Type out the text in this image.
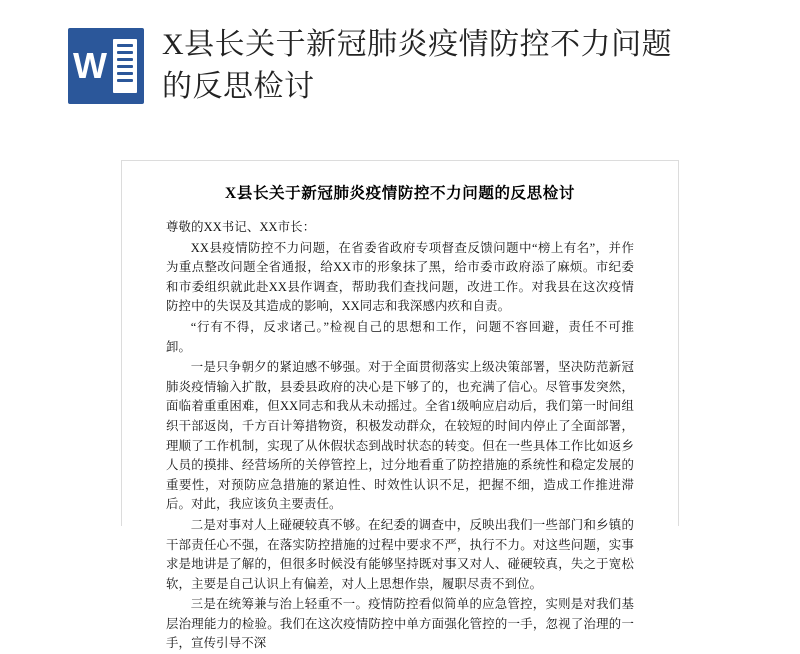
W
X县长关于新冠肺炎疫情防控不力问题的反思检讨
X县长关于新冠肺炎疫情防控不力问题的反思检讨

尊敬的XX书记、XX市长：

XX县疫情防控不力问题，在省委省政府专项督查反馈问题中“榜上有名”，并作为重点整改问题全省通报，给XX市的形象抹了黑，给市委市政府添了麻烦。市纪委和市委组织就此赴XX县作调查，帮助我们查找问题，改进工作。对我县在这次疫情防控中的失误及其造成的影响，XX同志和我深感内疚和自责。

“行有不得，反求诸己。”检视自己的思想和工作，问题不容回避，责任不可推卸。

一是只争朝夕的紧迫感不够强。对于全面贯彻落实上级决策部署，坚决防范新冠肺炎疫情输入扩散，县委县政府的决心是下够了的，也充满了信心。尽管事发突然，面临着重重困难，但XX同志和我从未动摇过。全省1级响应启动后，我们第一时间组织干部返岗，千方百计筹措物资，积极发动群众，在较短的时间内停止了全面部署，理顺了工作机制，实现了从休假状态到战时状态的转变。但在一些具体工作比如返乡人员的摸排、经营场所的关停管控上，过分地看重了防控措施的系统性和稳定发展的重要性，对预防应急措施的紧迫性、时效性认识不足，把握不细，造成工作推进滞后。对此，我应该负主要责任。

二是对事对人上碰硬较真不够。在纪委的调查中，反映出我们一些部门和乡镇的干部责任心不强，在落实防控措施的过程中要求不严，执行不力。对这些问题，实事求是地讲是了解的，但很多时候没有能够坚持既对事又对人、碰硬较真，失之于宽松软，主要是自己认识上有偏差，对人上思想作祟，履职尽责不到位。

三是在统筹兼与治上轻重不一。疫情防控看似简单的应急管控，实则是对我们基层治理能力的检验。我们在这次疫情防控中单方面强化管控的一手，忽视了治理的一手，宣传引导不深
